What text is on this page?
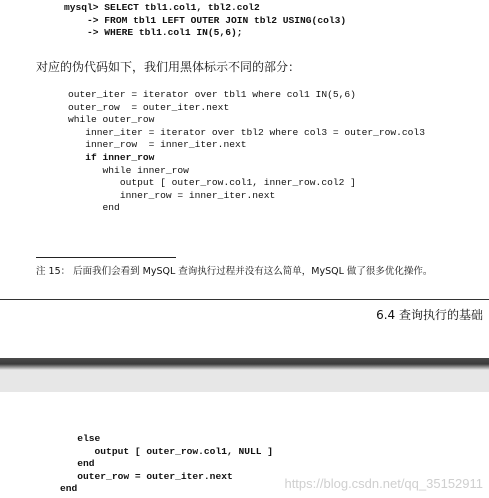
mysql> SELECT tbl1.col1, tbl2.col2
-> FROM tbl1 LEFT OUTER JOIN tbl2 USING(col3)
-> WHERE tbl1.col1 IN(5,6);
对应的伪代码如下，我们用黑体标示不同的部分：
outer_iter = iterator over tbl1 where col1 IN(5,6)
outer_row  = outer_iter.next
while outer_row
inner_iter = iterator over tbl2 where col3 = outer_row.col3
inner_row  = inner_iter.next
if inner_row
while inner_row
output [ outer_row.col1, inner_row.col2 ]
inner_row = inner_iter.next
end
注 15： 后面我们会看到 MySQL 查询执行过程并没有这么简单，MySQL 做了很多优化操作。
6.4 查询执行的基础
else
output [ outer_row.col1, NULL ]
end
outer_row = outer_iter.next
end	https://blog.csdn.net/qq_35152911
